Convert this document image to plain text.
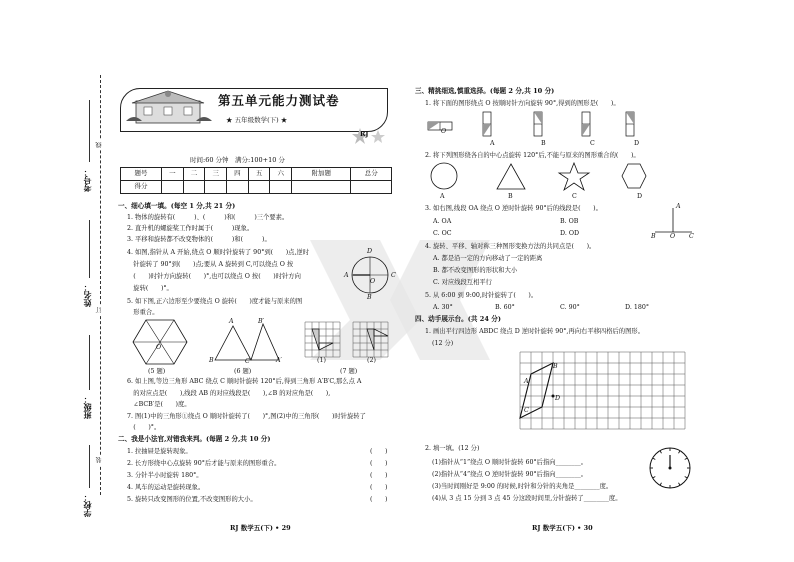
线
订
装
考号：
姓名：
班级：
学校：
第五单元能力测试卷
★ 五年级数学(下) ★
RJ
时间:60 分钟　满分:100+10 分
题号	一	二	三	四	五	六	附加题	总分
得分								
一、细心填一填。(每空 1 分,共 21 分)
1. 物体的旋转有(　　　)、(　　　)和(　　　)三个要素。
2. 直升机的螺旋桨工作时属于(　　　)现象。
3. 平移和旋转都不改变物体的(　　　)和(　　　)。
4. 如图,指针从 A 开始,绕点 O 顺时针旋转了 90°到(　　)点,逆时
　针旋转了 90°到(　　)点;要从 A 旋转到 C,可以绕点 O 按
　(　　)时针方向旋转(　　)°,也可以绕点 O 按(　　)时针方向
　旋转(　　)°。
D
A	C
O
B
5. 如下图,正六边形至少要绕点 O 旋转(　　)度才能与原来的图
　形重合。
O
(5 题)
A	B′
B	C	A′
(6 题)
(1)	(2)
(7 题)
6. 如上图,等边三角形 ABC 绕点 C 顺时针旋转 120°后,得到三角形 A′B′C,那么点 A
　的对应点是(　　),线段 AB 的对应线段是(　　),∠B 的对应角是(　　),
　∠BCB′是(　　)度。
7. 图(1)中的三角形①绕点 O 顺时针旋转了(　　)°,图(2)中的三角形(　　)时针旋转了
　(　　)°。
二、我是小法官,对错我来判。(每题 2 分,共 10 分)
1. 拉抽屉是旋转现象。
2. 长方形绕中心点旋转 90°后才能与原来的图形重合。
3. 分针半小时旋转 180°。
4. 风车的运动是旋转现象。
5. 旋转只改变图形的位置,不改变图形的大小。
(　　)
(　　)
(　　)
(　　)
(　　)
RJ 数学五(下) • 29
三、精挑细选,慎重选择。(每题 2 分,共 10 分)
1. 将下面的图形绕点 O 按顺时针方向旋转 90°,得到的图形是(　　)。
A	B	C	D
O
2. 将下列图形绕各自的中心点旋转 120°后,不能与原来的图形重合的(　　)。
A	B	C	D
3. 如右图,线段 OA 绕点 O 逆时针旋转 90°后的线段是(　　)。
A. OA	B. OB
C. OC	D. OD
A
B O C
4. 旋转、平移、轴对称三种图形变换方法的共同点是(　　)。
A. 都是沿一定的方向移动了一定的距离
B. 都不改变图形的形状和大小
C. 对应线段互相平行
5. 从 6:00 到 9:00,时针旋转了(　　)。
A. 30°	B. 60°	C. 90°	D. 180°
四、动手展示台。(共 24 分)
1. 画出平行四边形 ABDC 绕点 D 逆时针旋转 90°,再向右平移四格后的图形。
(12 分)
A
B
C
D
2. 填一填。(12 分)
(1)指针从“1”绕点 O 顺时针旋转 60°后指向________。
(2)指针从“4”绕点 O 逆时针旋转 90°后指向________。
(3)当时间刚好是 9:00 的时候,时针和分针的夹角是________度。
(4)从 3 点 15 分到 3 点 45 分这段时间里,分针旋转了________度。
RJ 数学五(下) • 30
